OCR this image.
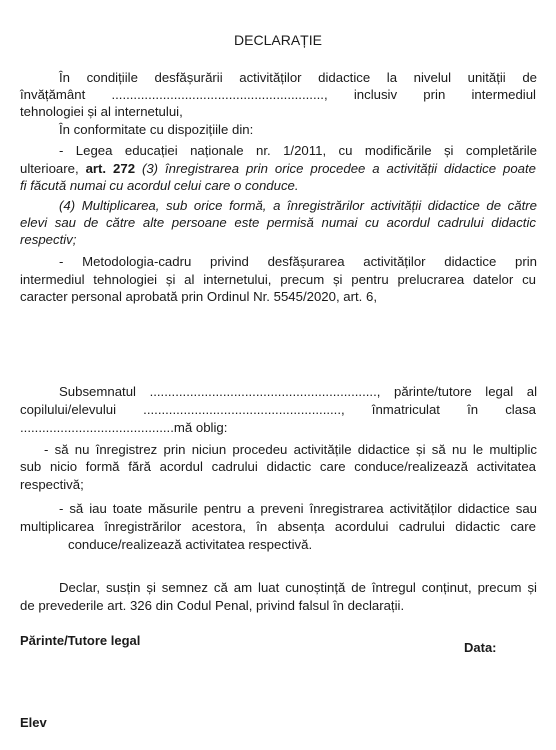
DECLARAȚIE
În condițiile desfășurării activităților didactice la nivelul unității de
învățământ .........................................................., inclusiv prin intermediul
tehnologiei și al internetului,
În conformitate cu dispozițiile din:
- Legea educației naționale nr. 1/2011, cu modificările și completările
ulterioare, art. 272 (3) înregistrarea prin orice procedee a activității didactice poate
fi făcută numai cu acordul celui care o conduce.
(4) Multiplicarea, sub orice formă, a înregistrărilor activității didactice de către
elevi sau de către alte persoane este permisă numai cu acordul cadrului didactic
respectiv;
- Metodologia-cadru privind desfășurarea activităților didactice prin
intermediul tehnologiei și al internetului, precum și pentru prelucrarea datelor cu
caracter personal aprobată prin Ordinul Nr. 5545/2020, art. 6,
Subsemnatul .............................................................., părinte/tutore legal al
copilului/elevului ......................................................, înmatriculat în clasa
..........................................mă oblig:
- să nu înregistrez prin niciun procedeu activitățile didactice și să nu le multiplic
sub nicio formă fără acordul cadrului didactic care conduce/realizează activitatea
respectivă;
- să iau toate măsurile pentru a preveni înregistrarea activităților didactice sau
multiplicarea înregistrărilor acestora, în absența acordului cadrului didactic care
conduce/realizează activitatea respectivă.
Declar, susțin și semnez că am luat cunoștință de întregul conținut, precum și
de prevederile art. 326 din Codul Penal, privind falsul în declarații.
Părinte/Tutore legal	Data:
Elev
